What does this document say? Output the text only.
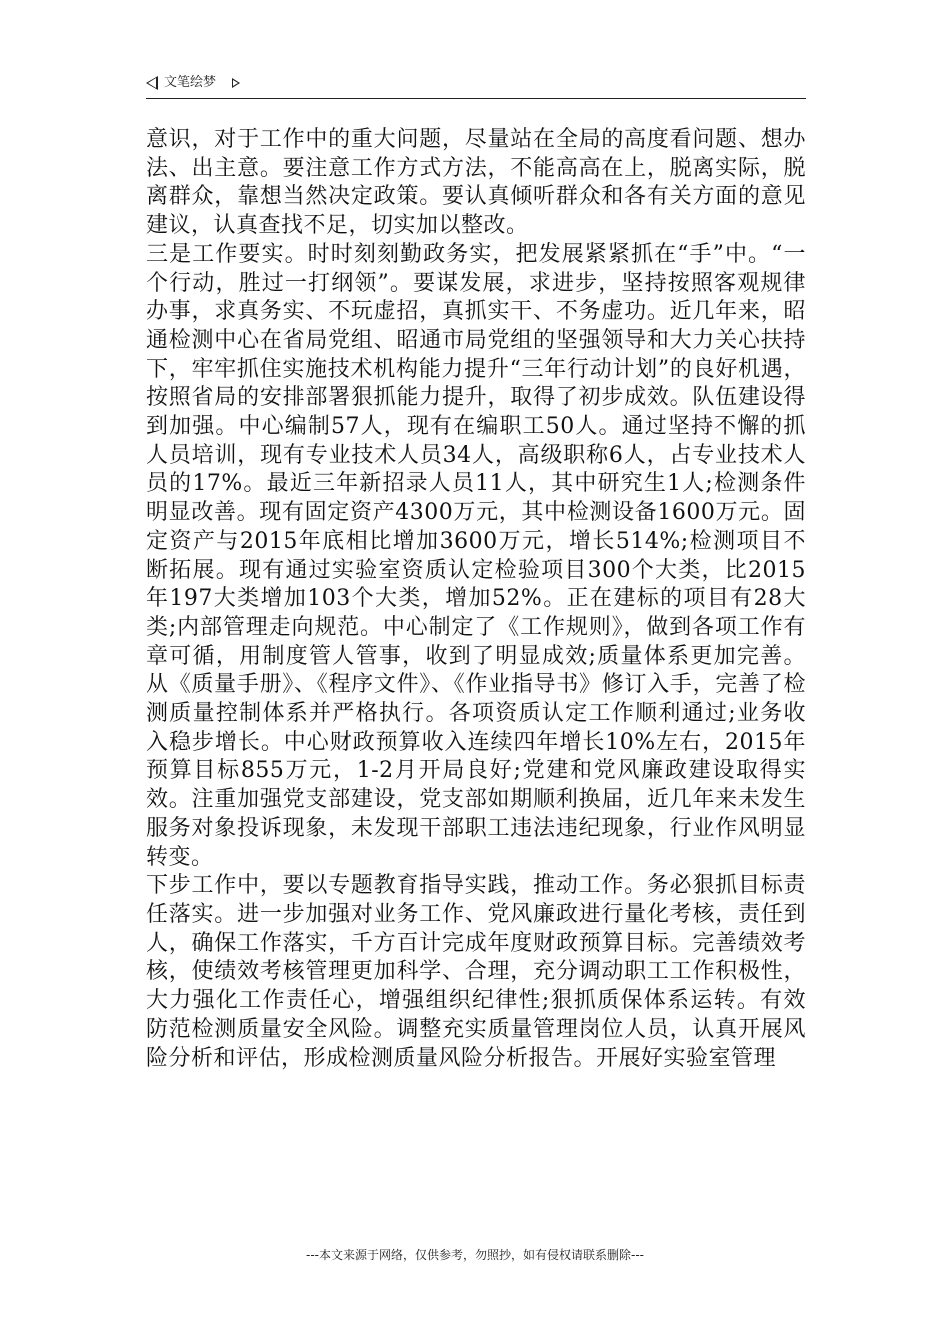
文笔绘梦

意识，对于工作中的重大问题，尽量站在全局的高度看问题、想办法、出主意。要注意工作方式方法，不能高高在上，脱离实际，脱离群众，靠想当然决定政策。要认真倾听群众和各有关方面的意见建议，认真查找不足，切实加以整改。

三是工作要实。时时刻刻勤政务实，把发展紧紧抓在“手”中。“一个行动，胜过一打纲领”。要谋发展，求进步，坚持按照客观规律办事，求真务实、不玩虚招，真抓实干、不务虚功。近几年来，昭通检测中心在省局党组、昭通市局党组的坚强领导和大力关心扶持下，牢牢抓住实施技术机构能力提升“三年行动计划”的良好机遇，按照省局的安排部署狠抓能力提升，取得了初步成效。队伍建设得到加强。中心编制57人，现有在编职工50人。通过坚持不懈的抓人员培训，现有专业技术人员34人，高级职称6人，占专业技术人员的17%。最近三年新招录人员11人，其中研究生1人;检测条件明显改善。现有固定资产4300万元，其中检测设备1600万元。固定资产与2015年底相比增加3600万元，增长514%;检测项目不断拓展。现有通过实验室资质认定检验项目300个大类，比2015年197大类增加103个大类，增加52%。正在建标的项目有28大类;内部管理走向规范。中心制定了《工作规则》，做到各项工作有章可循，用制度管人管事，收到了明显成效;质量体系更加完善。从《质量手册》、《程序文件》、《作业指导书》修订入手，完善了检测质量控制体系并严格执行。各项资质认定工作顺利通过;业务收入稳步增长。中心财政预算收入连续四年增长10%左右，2015年预算目标855万元，1-2月开局良好;党建和党风廉政建设取得实效。注重加强党支部建设，党支部如期顺利换届，近几年来未发生服务对象投诉现象，未发现干部职工违法违纪现象，行业作风明显转变。

下步工作中，要以专题教育指导实践，推动工作。务必狠抓目标责任落实。进一步加强对业务工作、党风廉政进行量化考核，责任到人，确保工作落实，千方百计完成年度财政预算目标。完善绩效考核，使绩效考核管理更加科学、合理，充分调动职工工作积极性，大力强化工作责任心，增强组织纪律性;狠抓质保体系运转。有效防范检测质量安全风险。调整充实质量管理岗位人员，认真开展风险分析和评估，形成检测质量风险分析报告。开展好实验室管理

---本文来源于网络，仅供参考，勿照抄，如有侵权请联系删除---
